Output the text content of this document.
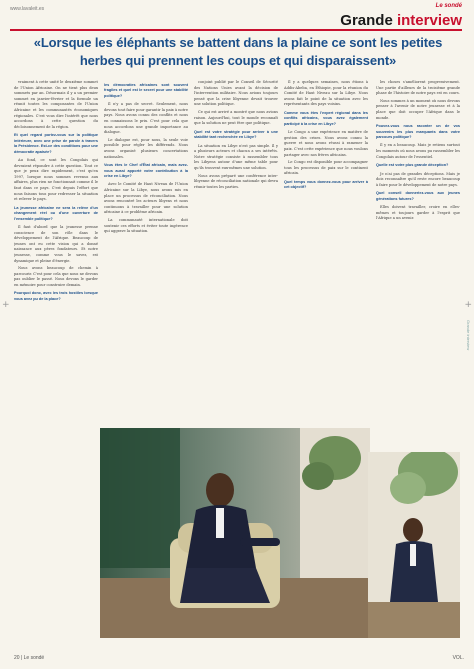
www.lavaleit.es	Le sondé
Grande interview
«Lorsque les éléphants se battent dans la plaine ce sont les petites herbes qui prennent les coups et qui disparaissent»

vraiment à cette unité le deuxième sommet de l'Union Africaine. On ne tient plus deux sommets par an. Désormais il y a un premier sommet en janvier-février et la formule un réunit toutes les composantes de l'Union Africaine et les communautés économiques régionales. C'est vous dire l'intérêt que nous accordons à cette question du décloisonnement de la région.

Et quel regard portez-vous sur la politique intérieure, avec une prise de parole à travers la Présidence. Est-ce des conditions pour une démocratie apaisée?

Au fond, ce sont les Congolais qui devraient répondre à cette question. Tout ce que je peux dire rapidement, c'est qu'en 1997, lorsque nous sommes revenus aux affaires, plus rien ne fonctionnait comme il le faut dans ce pays. C'est depuis l'effort que nous faisons tous pour redresser la situation et relever le pays.

La jeunesse africaine ne sera la relève d'un changement réel ou d'une ouverture de l'ensemble politique?

Il faut d'abord que la jeunesse prenne conscience de son rôle dans le développement de l'Afrique. Beaucoup de jeunes ont eu cette vision qui a donné naissance aux pères fondateurs. Et notre jeunesse, comme vous le savez, est dynamique et pleine d'énergie.

Nous avons beaucoup de chemin à parcourir. C'est pour cela que nous ne devons pas oublier le passé. Nous devons le garder en mémoire pour construire demain.

Pourquoi donc, avec les trois hostiles lorsque vous avez pu de la place?

les démocraties africaines sont souvent fragiles et quel est le secret pour une stabilité politique?

Il n'y a pas de secret. Seulement, nous devons tout faire pour garantir la paix à notre pays. Nous avons connu des conflits et nous en connaissons le prix. C'est pour cela que nous accordons une grande importance au dialogue.

Le dialogue est, pour nous, la seule voie possible pour régler les différends. Nous avons organisé plusieurs concertations nationales.

Vous êtes le Chef d'État africain, mais avez-vous aussi apporté votre contribution à la crise en Libye?

Avec le Comité de Haut Niveau de l'Union Africaine sur la Libye, nous avons mis en place un processus de réconciliation. Nous avons rencontré les acteurs libyens et nous continuons à travailler pour une solution africaine à ce problème africain.

La communauté internationale doit soutenir ces efforts et éviter toute ingérence qui aggrave la situation.

conjoint publié par le Conseil de Sécurité des Nations Unies avant la décision de l'intervention militaire. Nous avions toujours pensé que la crise libyenne devait trouver une solution politique.

Ce qui est arrivé a montré que nous avions raison. Aujourd'hui, tout le monde reconnaît que la solution ne peut être que politique.

Quel est votre stratégie pour arriver à une stabilité tant recherchée en Libye?

La situation en Libye n'est pas simple. Il y a plusieurs acteurs et chacun a ses intérêts. Notre stratégie consiste à rassembler tous les Libyens autour d'une même table pour qu'ils trouvent eux-mêmes une solution.

Nous avons préparé une conférence inter-libyenne de réconciliation nationale qui devra réunir toutes les parties.

Il y a quelques semaines, nous étions à Addis-Abeba, en Éthiopie, pour la réunion du Comité de Haut Niveau sur la Libye. Nous avons fait le point de la situation avec les représentants des pays voisins.

Comme vous êtes l'expert régional dans les conflits africains, vous avez également participé à la crise en Libye?

Le Congo a une expérience en matière de gestion des crises. Nous avons connu la guerre et nous avons réussi à ramener la paix. C'est cette expérience que nous voulons partager avec nos frères africains.

Le Congo est disponible pour accompagner tous les processus de paix sur le continent africain.

Quel temps vous donnez-vous pour arriver à cet objectif?

les choses s'améliorent progressivement. Une partie d'ailleurs de la troisième grande phase de l'histoire de notre pays est en cours.

Nous sommes à un moment où nous devons penser à l'avenir de notre jeunesse et à la place que doit occuper l'Afrique dans le monde.

Pouvez-vous nous raconter un de vos souvenirs les plus marquants dans votre parcours politique?

Il y en a beaucoup. Mais je retiens surtout les moments où nous avons pu rassembler les Congolais autour de l'essentiel.

Quelle est votre plus grande déception?

Je n'ai pas de grandes déceptions. Mais je dois reconnaître qu'il reste encore beaucoup à faire pour le développement de notre pays.

Quel conseil donneriez-vous aux jeunes générations futures?

Elles doivent travailler, croire en elles-mêmes et toujours garder à l'esprit que l'Afrique a un avenir.

20 | Le sondé	VOL.
Grande interview
+	+
